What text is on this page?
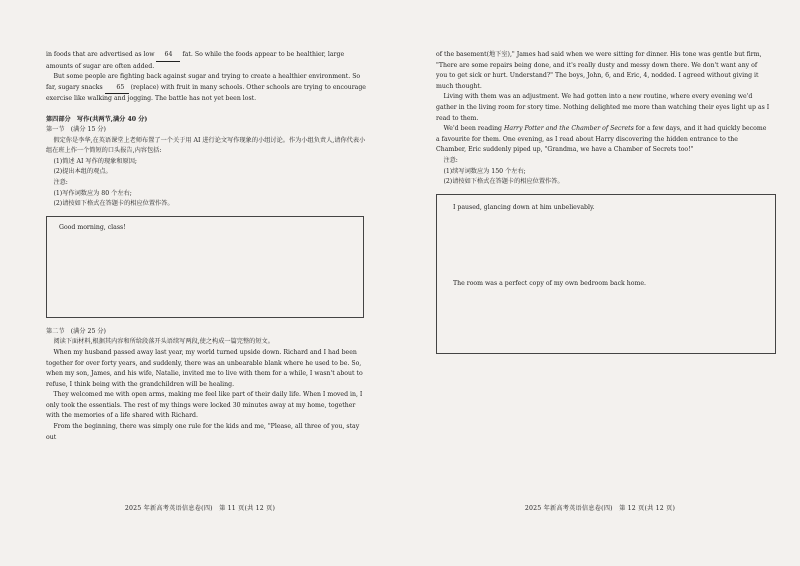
in foods that are advertised as low 64 fat. So while the foods appear to be healthier, large amounts of sugar are often added.

But some people are fighting back against sugar and trying to create a healthier environment. So far, sugary snacks 65 (replace) with fruit in many schools. Other schools are trying to encourage exercise like walking and jogging. The battle has not yet been lost.

第四部分　写作(共两节,满分 40 分)

第一节　(满分 15 分)

假定你是李华,在英语课堂上老师布置了一个关于用 AI 进行论文写作现象的小组讨论。作为小组负责人,请你代表小组在班上作一个简短的口头报告,内容包括:

(1)简述 AI 写作的现象和原因;

(2)提出本组的观点。

注意:

(1)写作词数应为 80 个左右;

(2)请按如下格式在答题卡的相应位置作答。

Good morning, class!

第二节　(满分 25 分)

阅读下面材料,根据其内容和所给段落开头语续写两段,使之构成一篇完整的短文。

When my husband passed away last year, my world turned upside down. Richard and I had been together for over forty years, and suddenly, there was an unbearable blank where he used to be. So, when my son, James, and his wife, Natalie, invited me to live with them for a while, I wasn't about to refuse, I think being with the grandchildren will be healing.

They welcomed me with open arms, making me feel like part of their daily life. When I moved in, I only took the essentials. The rest of my things were locked 30 minutes away at my home, together with the memories of a life shared with Richard.

From the beginning, there was simply one rule for the kids and me, "Please, all three of you, stay out

2025 年新高考英语信息卷(四)　第 11 页(共 12 页)

of the basement(地下室)," James had said when we were sitting for dinner. His tone was gentle but firm, "There are some repairs being done, and it's really dusty and messy down there. We don't want any of you to get sick or hurt. Understand?" The boys, John, 6, and Eric, 4, nodded. I agreed without giving it much thought.

Living with them was an adjustment. We had gotten into a new routine, where every evening we'd gather in the living room for story time. Nothing delighted me more than watching their eyes light up as I read to them.

We'd been reading Harry Potter and the Chamber of Secrets for a few days, and it had quickly become a favourite for them. One evening, as I read about Harry discovering the hidden entrance to the Chamber, Eric suddenly piped up, "Grandma, we have a Chamber of Secrets too!"

注意:

(1)续写词数应为 150 个左右;

(2)请按如下格式在答题卡的相应位置作答。

I paused, glancing down at him unbelievably.
The room was a perfect copy of my own bedroom back home.
2025 年新高考英语信息卷(四)　第 12 页(共 12 页)
